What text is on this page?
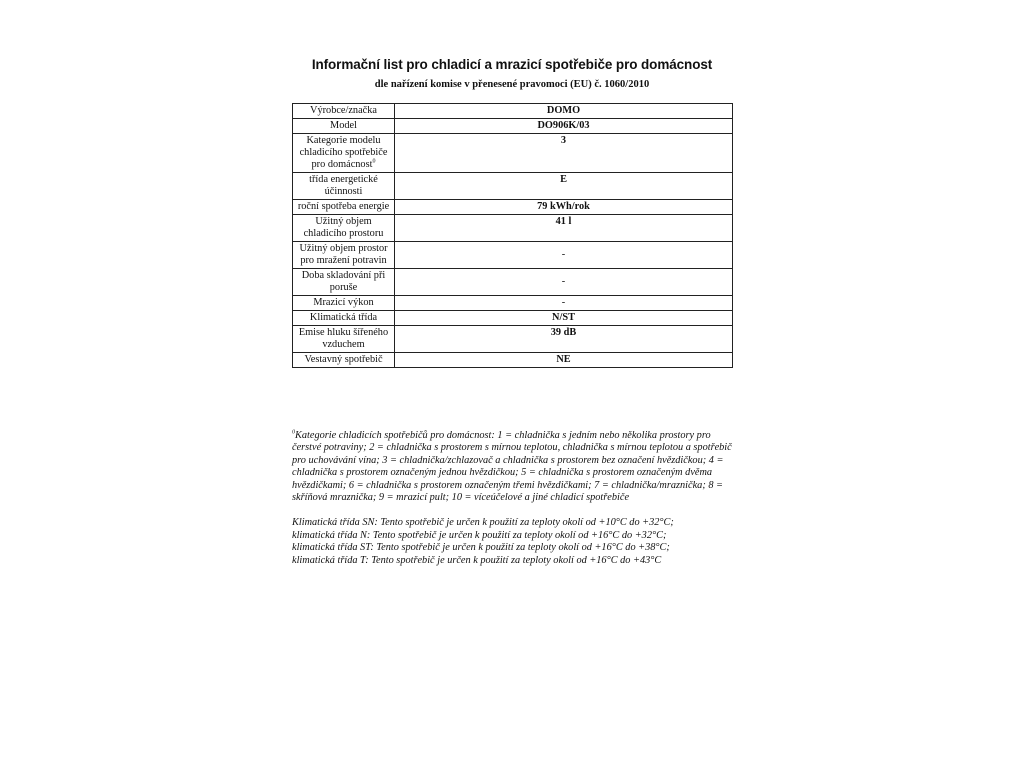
Informační list pro chladicí a mrazicí spotřebiče pro domácnost
dle nařízení komise v přenesené pravomoci (EU) č. 1060/2010
Výrobce/značka	DOMO
Model	DO906K/03
Kategorie modelu chladicího spotřebiče pro domácnost$^0$	3
třída energetické účinnosti	E
roční spotřeba energie	79 kWh/rok
Užitný objem chladicího prostoru	41 l
Užitný objem prostor pro mražení potravin	-
Doba skladování při poruše	-
Mrazicí výkon	-
Klimatická třída	N/ST
Emise hluku šířeného vzduchem	39 dB
Vestavný spotřebič	NE

$^0$Kategorie chladicích spotřebičů pro domácnost: 1 = chladnička s jedním nebo několika prostory pro čerstvé potraviny; 2 = chladnička s prostorem s mírnou teplotou, chladnička s mírnou teplotou a spotřebič pro uchovávání vína; 3 = chladnička/zchlazovač a chladnička s prostorem bez označení hvězdičkou; 4 = chladnička s prostorem označeným jednou hvězdičkou; 5 = chladnička s prostorem označeným dvěma hvězdičkami; 6 = chladnička s prostorem označeným třemi hvězdičkami; 7 = chladnička/mraznička; 8 = skříňová mraznička; 9 = mrazicí pult; 10 = víceúčelové a jiné chladicí spotřebiče

Klimatická třída SN: Tento spotřebič je určen k použití za teploty okolí od +10°C do +32°C;

klimatická třída N: Tento spotřebič je určen k použití za teploty okolí od +16°C do +32°C;

klimatická třída ST: Tento spotřebič je určen k použití za teploty okolí od +16°C do +38°C;

klimatická třída T: Tento spotřebič je určen k použití za teploty okolí od +16°C do +43°C
